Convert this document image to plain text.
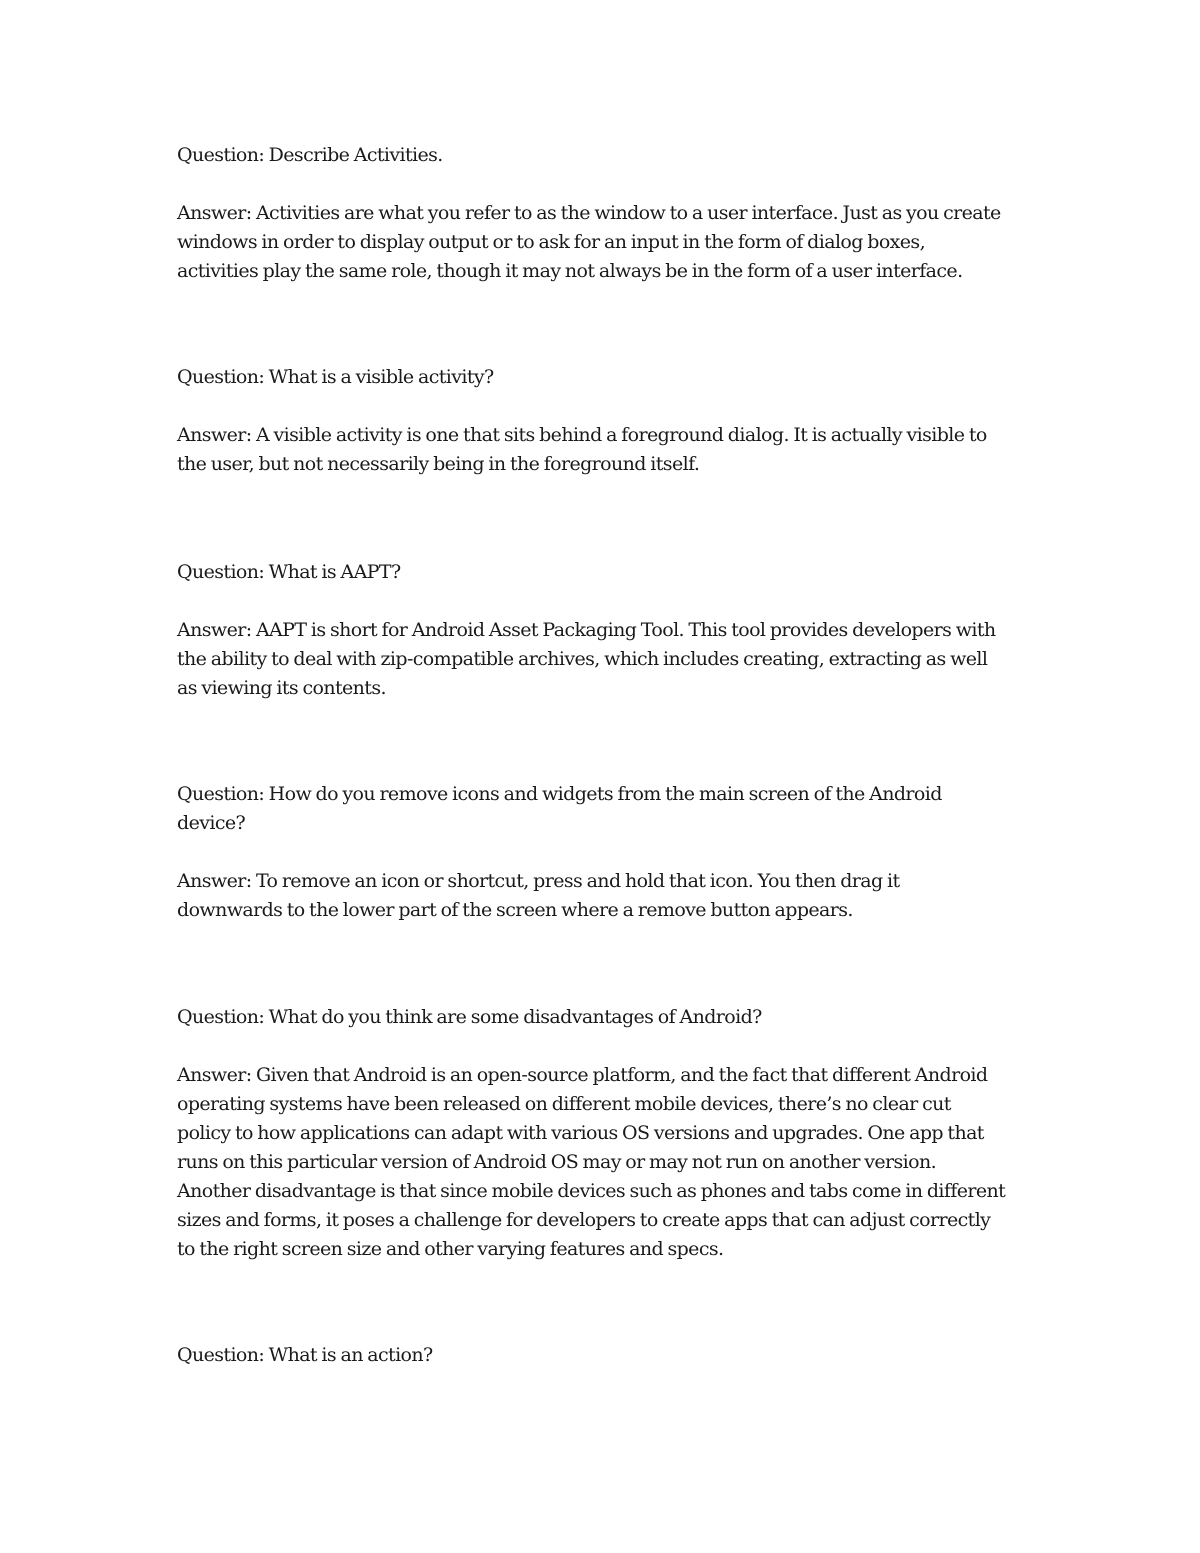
Question: Describe Activities.

Answer: Activities are what you refer to as the window to a user interface. Just as you create
windows in order to display output or to ask for an input in the form of dialog boxes,
activities play the same role, though it may not always be in the form of a user interface.

Question: What is a visible activity?

Answer: A visible activity is one that sits behind a foreground dialog. It is actually visible to
the user, but not necessarily being in the foreground itself.

Question: What is AAPT?

Answer: AAPT is short for Android Asset Packaging Tool. This tool provides developers with
the ability to deal with zip-compatible archives, which includes creating, extracting as well
as viewing its contents.

Question: How do you remove icons and widgets from the main screen of the Android
device?

Answer: To remove an icon or shortcut, press and hold that icon. You then drag it
downwards to the lower part of the screen where a remove button appears.

Question: What do you think are some disadvantages of Android?

Answer: Given that Android is an open-source platform, and the fact that different Android
operating systems have been released on different mobile devices, there’s no clear cut
policy to how applications can adapt with various OS versions and upgrades. One app that
runs on this particular version of Android OS may or may not run on another version.
Another disadvantage is that since mobile devices such as phones and tabs come in different
sizes and forms, it poses a challenge for developers to create apps that can adjust correctly
to the right screen size and other varying features and specs.

Question: What is an action?
